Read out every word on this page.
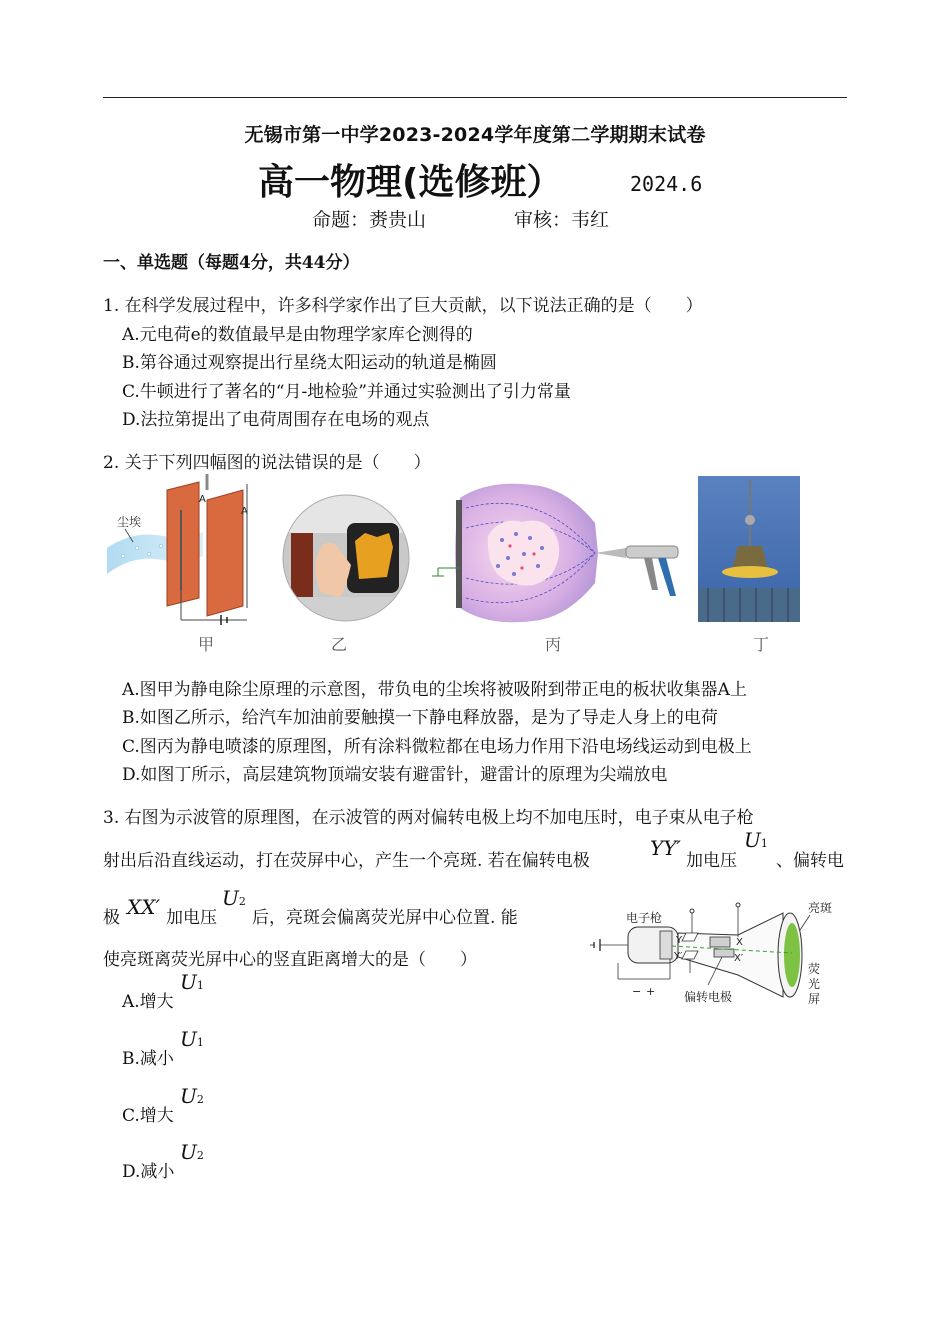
无锡市第一中学2023-2024学年度第二学期期末试卷
高一物理(选修班）	2024.6
命题：赉贵山	审核：韦红
一、单选题（每题4分，共44分）
1. 在科学发展过程中，许多科学家作出了巨大贡献，以下说法正确的是（　　）
A.元电荷e的数值最早是由物理学家库仑测得的
B.第谷通过观察提出行星绕太阳运动的轨道是椭圆
C.牛顿进行了著名的“月-地检验”并通过实验测出了引力常量
D.法拉第提出了电荷周围存在电场的观点
2. 关于下列四幅图的说法错误的是（　　）
尘埃
A
A
甲	乙	丙	丁
A.图甲为静电除尘原理的示意图，带负电的尘埃将被吸附到带正电的板状收集器A上
B.如图乙所示，给汽车加油前要触摸一下静电释放器，是为了导走人身上的电荷
C.图丙为静电喷漆的原理图，所有涂料微粒都在电场力作用下沿电场线运动到电极上
D.如图丁所示，高层建筑物顶端安装有避雷针，避雷计的原理为尖端放电
3. 右图为示波管的原理图，在示波管的两对偏转电极上均不加电压时，电子束从电子枪
射出后沿直线运动，打在荧屏中心，产生一个亮斑. 若在偏转电极
YY′
加电压
U1
、偏转电
极 XX′ 加电压
U2
后，亮斑会偏离荧光屏中心位置. 能
使亮斑离荧光屏中心的竖直距离增大的是（　　）
电子枪
亮斑
Y
Y′
X
X′
偏转电极
− +
荧
光
屏
A.增大
U1
B.减小
U1
C.增大
U2
D.减小
U2
